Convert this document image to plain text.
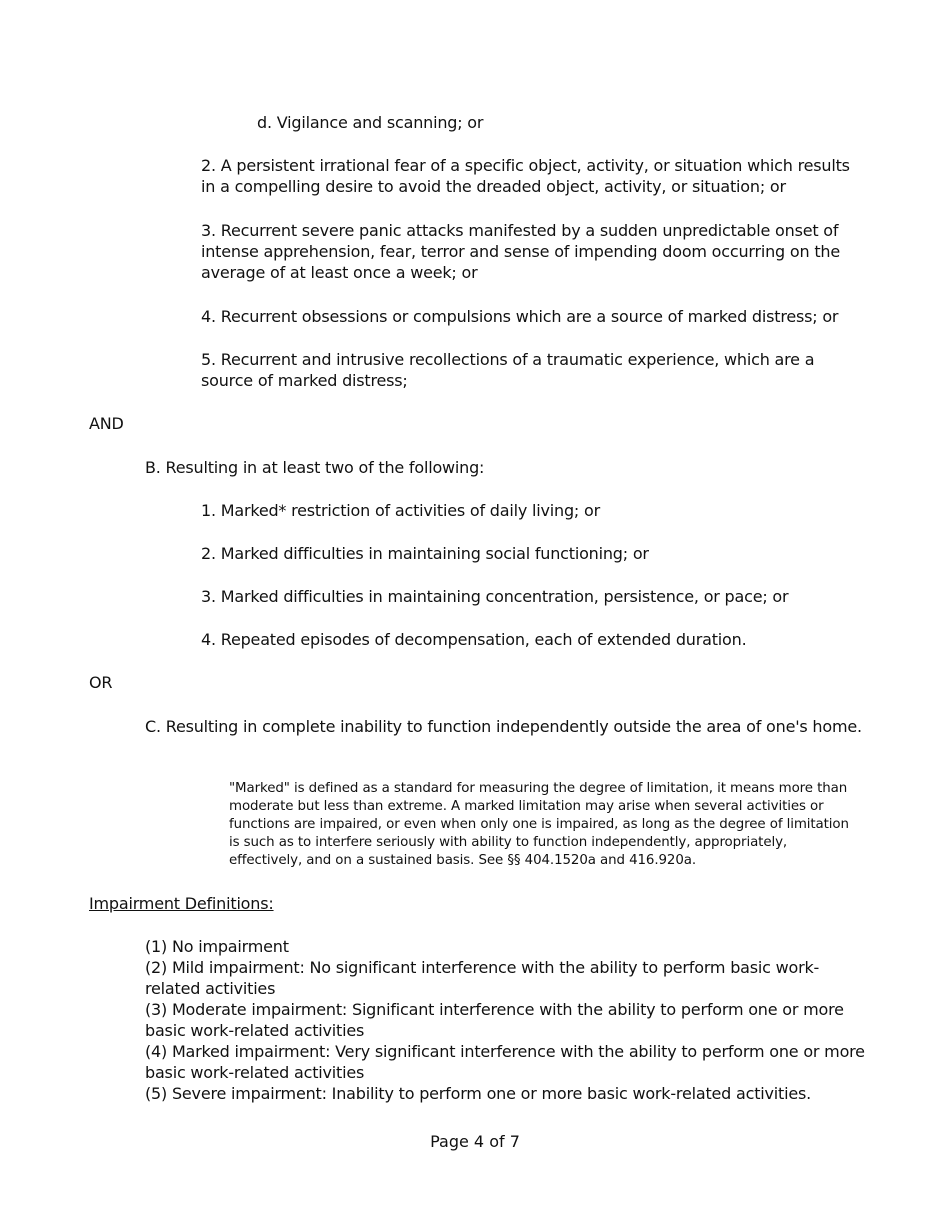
d. Vigilance and scanning; or
2. A persistent irrational fear of a specific object, activity, or situation which results in a compelling desire to avoid the dreaded object, activity, or situation; or
3. Recurrent severe panic attacks manifested by a sudden unpredictable onset of intense apprehension, fear, terror and sense of impending doom occurring on the average of at least once a week; or
4. Recurrent obsessions or compulsions which are a source of marked distress; or
5. Recurrent and intrusive recollections of a traumatic experience, which are a source of marked distress;
AND
B. Resulting in at least two of the following:
1. Marked* restriction of activities of daily living; or
2. Marked difficulties in maintaining social functioning; or
3. Marked difficulties in maintaining concentration, persistence, or pace; or
4. Repeated episodes of decompensation, each of extended duration.
OR
C. Resulting in complete inability to function independently outside the area of one's home.
"Marked" is defined as a standard for measuring the degree of limitation, it means more than moderate but less than extreme. A marked limitation may arise when several activities or functions are impaired, or even when only one is impaired, as long as the degree of limitation is such as to interfere seriously with ability to function independently, appropriately, effectively, and on a sustained basis. See §§ 404.1520a and 416.920a.
Impairment Definitions:
(1) No impairment
(2) Mild impairment: No significant interference with the ability to perform basic work-related activities
(3) Moderate impairment: Significant interference with the ability to perform one or more basic work-related activities
(4) Marked impairment: Very significant interference with the ability to perform one or more basic work-related activities
(5) Severe impairment: Inability to perform one or more basic work-related activities.
Page 4 of 7
